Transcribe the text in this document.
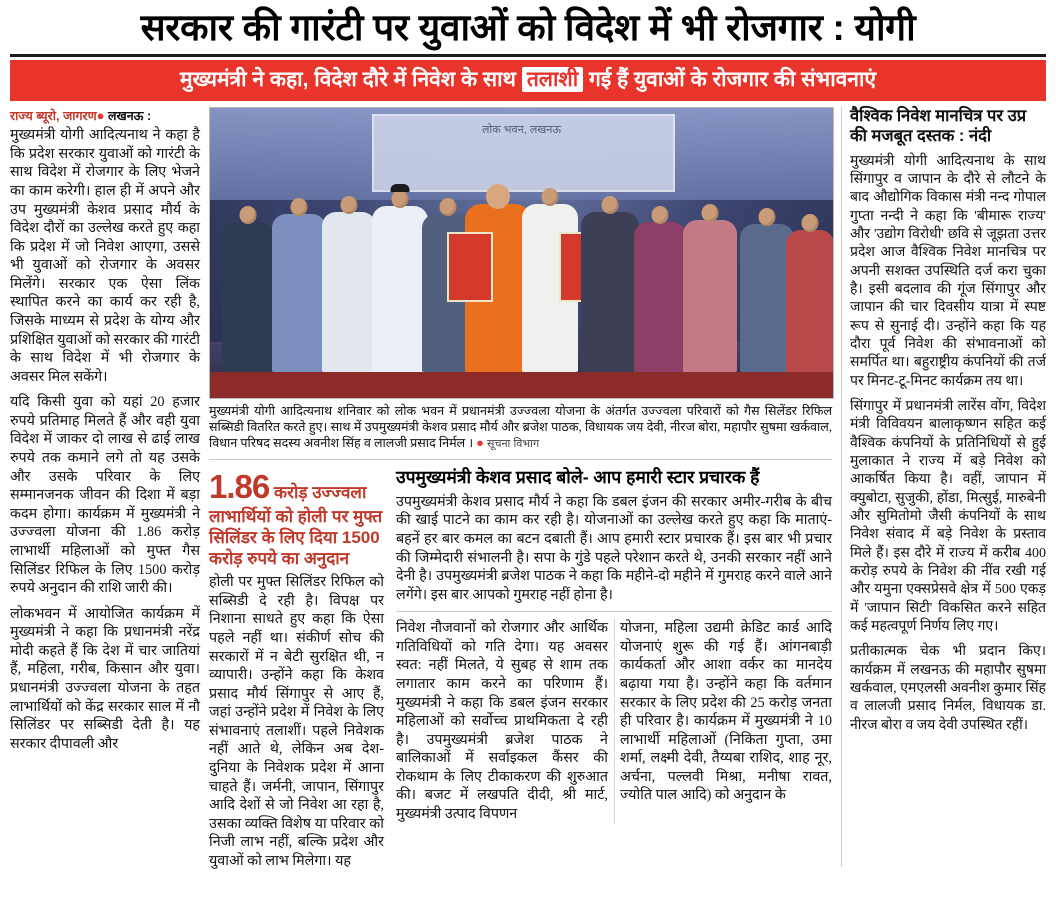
सरकार की गारंटी पर युवाओं को विदेश में भी रोजगार : योगी
मुख्यमंत्री ने कहा, विदेश दौरे में निवेश के साथ तलाशी गई हैं युवाओं के रोजगार की संभावनाएं
राज्य ब्यूरो, जागरण● लखनऊ :

मुख्यमंत्री योगी आदित्यनाथ ने कहा है कि प्रदेश सरकार युवाओं को गारंटी के साथ विदेश में रोजगार के लिए भेजने का काम करेगी। हाल ही में अपने और उप मुख्यमंत्री केशव प्रसाद मौर्य के विदेश दौरों का उल्लेख करते हुए कहा कि प्रदेश में जो निवेश आएगा, उससे भी युवाओं को रोजगार के अवसर मिलेंगे। सरकार एक ऐसा लिंक स्थापित करने का कार्य कर रही है, जिसके माध्यम से प्रदेश के योग्य और प्रशिक्षित युवाओं को सरकार की गारंटी के साथ विदेश में भी रोजगार के अवसर मिल सकेंगे।

यदि किसी युवा को यहां 20 हजार रुपये प्रतिमाह मिलते हैं और वही युवा विदेश में जाकर दो लाख से ढाई लाख रुपये तक कमाने लगे तो यह उसके और उसके परिवार के लिए सम्मानजनक जीवन की दिशा में बड़ा कदम होगा। कार्यक्रम में मुख्यमंत्री ने उज्ज्वला योजना की 1.86 करोड़ लाभार्थी महिलाओं को मुफ्त गैस सिलिंडर रिफिल के लिए 1500 करोड़ रुपये अनुदान की राशि जारी की।

लोकभवन में आयोजित कार्यक्रम में मुख्यमंत्री ने कहा कि प्रधानमंत्री नरेंद्र मोदी कहते हैं कि देश में चार जातियां हैं, महिला, गरीब, किसान और युवा। प्रधानमंत्री उज्ज्वला योजना के तहत लाभार्थियों को केंद्र सरकार साल में नौ सिलिंडर पर सब्सिडी देती है। यह सरकार दीपावली और

लोक भवन, लखनऊ

मुख्यमंत्री योगी आदित्यनाथ शनिवार को लोक भवन में प्रधानमंत्री उज्ज्वला योजना के अंतर्गत उज्ज्वला परिवारों को गैस सिलेंडर रिफिल सब्सिडी वितरित करते हुए। साथ में उपमुख्यमंत्री केशव प्रसाद मौर्य और ब्रजेश पाठक, विधायक जय देवी, नीरज बोरा, महापौर सुषमा खर्कवाल, विधान परिषद सदस्य अवनीश सिंह व लालजी प्रसाद निर्मल । ● सूचना विभाग

1.86 करोड़ उज्ज्वला लाभार्थियों को होली पर मुफ्त सिलिंडर के लिए दिया 1500 करोड़ रुपये का अनुदान

होली पर मुफ्त सिलिंडर रिफिल को सब्सिडी दे रही है। विपक्ष पर निशाना साधते हुए कहा कि ऐसा पहले नहीं था। संकीर्ण सोच की सरकारों में न बेटी सुरक्षित थी, न व्यापारी। उन्होंने कहा कि केशव प्रसाद मौर्य सिंगापुर से आए हैं, जहां उन्होंने प्रदेश में निवेश के लिए संभावनाएं तलाशीं। पहले निवेशक नहीं आते थे, लेकिन अब देश-दुनिया के निवेशक प्रदेश में आना चाहते हैं। जर्मनी, जापान, सिंगापुर आदि देशों से जो निवेश आ रहा है, उसका व्यक्ति विशेष या परिवार को निजी लाभ नहीं, बल्कि प्रदेश और युवाओं को लाभ मिलेगा। यह

उपमुख्यमंत्री केशव प्रसाद बोले- आप हमारी स्टार प्रचारक हैं

उपमुख्यमंत्री केशव प्रसाद मौर्य ने कहा कि डबल इंजन की सरकार अमीर-गरीब के बीच की खाई पाटने का काम कर रही है। योजनाओं का उल्लेख करते हुए कहा कि माताएं-बहनें हर बार कमल का बटन दबाती हैं। आप हमारी स्टार प्रचारक हैं। इस बार भी प्रचार की जिम्मेदारी संभालनी है। सपा के गुंडे पहले परेशान करते थे, उनकी सरकार नहीं आने देनी है। उपमुख्यमंत्री ब्रजेश पाठक ने कहा कि महीने-दो महीने में गुमराह करने वाले आने लगेंगे। इस बार आपको गुमराह नहीं होना है।

निवेश नौजवानों को रोजगार और आर्थिक गतिविधियों को गति देगा। यह अवसर स्वत: नहीं मिलते, ये सुबह से शाम तक लगातार काम करने का परिणाम हैं। मुख्यमंत्री ने कहा कि डबल इंजन सरकार महिलाओं को सर्वोच्च प्राथमिकता दे रही है। उपमुख्यमंत्री ब्रजेश पाठक ने बालिकाओं में सर्वाइकल कैंसर की रोकथाम के लिए टीकाकरण की शुरुआत की। बजट में लखपति दीदी, श्री मार्ट, मुख्यमंत्री उत्पाद विपणन

योजना, महिला उद्यमी क्रेडिट कार्ड आदि योजनाएं शुरू की गई हैं। आंगनबाड़ी कार्यकर्ता और आशा वर्कर का मानदेय बढ़ाया गया है। उन्होंने कहा कि वर्तमान सरकार के लिए प्रदेश की 25 करोड़ जनता ही परिवार है। कार्यक्रम में मुख्यमंत्री ने 10 लाभार्थी महिलाओं (निकिता गुप्ता, उमा शर्मा, लक्ष्मी देवी, तैय्यबा राशिद, शाह नूर, अर्चना, पल्लवी मिश्रा, मनीषा रावत, ज्योति पाल आदि) को अनुदान के

वैश्विक निवेश मानचित्र पर उप्र की मजबूत दस्तक : नंदी

मुख्यमंत्री योगी आदित्यनाथ के साथ सिंगापुर व जापान के दौरे से लौटने के बाद औद्योगिक विकास मंत्री नन्द गोपाल गुप्ता नन्दी ने कहा कि 'बीमारू राज्य' और 'उद्योग विरोधी' छवि से जूझता उत्तर प्रदेश आज वैश्विक निवेश मानचित्र पर अपनी सशक्त उपस्थिति दर्ज करा चुका है। इसी बदलाव की गूंज सिंगापुर और जापान की चार दिवसीय यात्रा में स्पष्ट रूप से सुनाई दी। उन्होंने कहा कि यह दौरा पूर्व निवेश की संभावनाओं को समर्पित था। बहुराष्ट्रीय कंपनियों की तर्ज पर मिनट-टू-मिनट कार्यक्रम तय था।

सिंगापुर में प्रधानमंत्री लारेंस वोंग, विदेश मंत्री विविवयन बालाकृष्णन सहित कई वैश्विक कंपनियों के प्रतिनिधियों से हुई मुलाकात ने राज्य में बड़े निवेश को आकर्षित किया है। वहीं, जापान में क्युबोटा, सुजुकी, होंडा, मित्सुई, मारुबेनी और सुमितोमो जैसी कंपनियों के साथ निवेश संवाद में बड़े निवेश के प्रस्ताव मिले हैं। इस दौरे में राज्य में करीब 400 करोड़ रुपये के निवेश की नींव रखी गई और यमुना एक्सप्रेसवे क्षेत्र में 500 एकड़ में 'जापान सिटी' विकसित करने सहित कई महत्वपूर्ण निर्णय लिए गए।

प्रतीकात्मक चेक भी प्रदान किए। कार्यक्रम में लखनऊ की महापौर सुषमा खर्कवाल, एमएलसी अवनीश कुमार सिंह व लालजी प्रसाद निर्मल, विधायक डा. नीरज बोरा व जय देवी उपस्थित रहीं।
